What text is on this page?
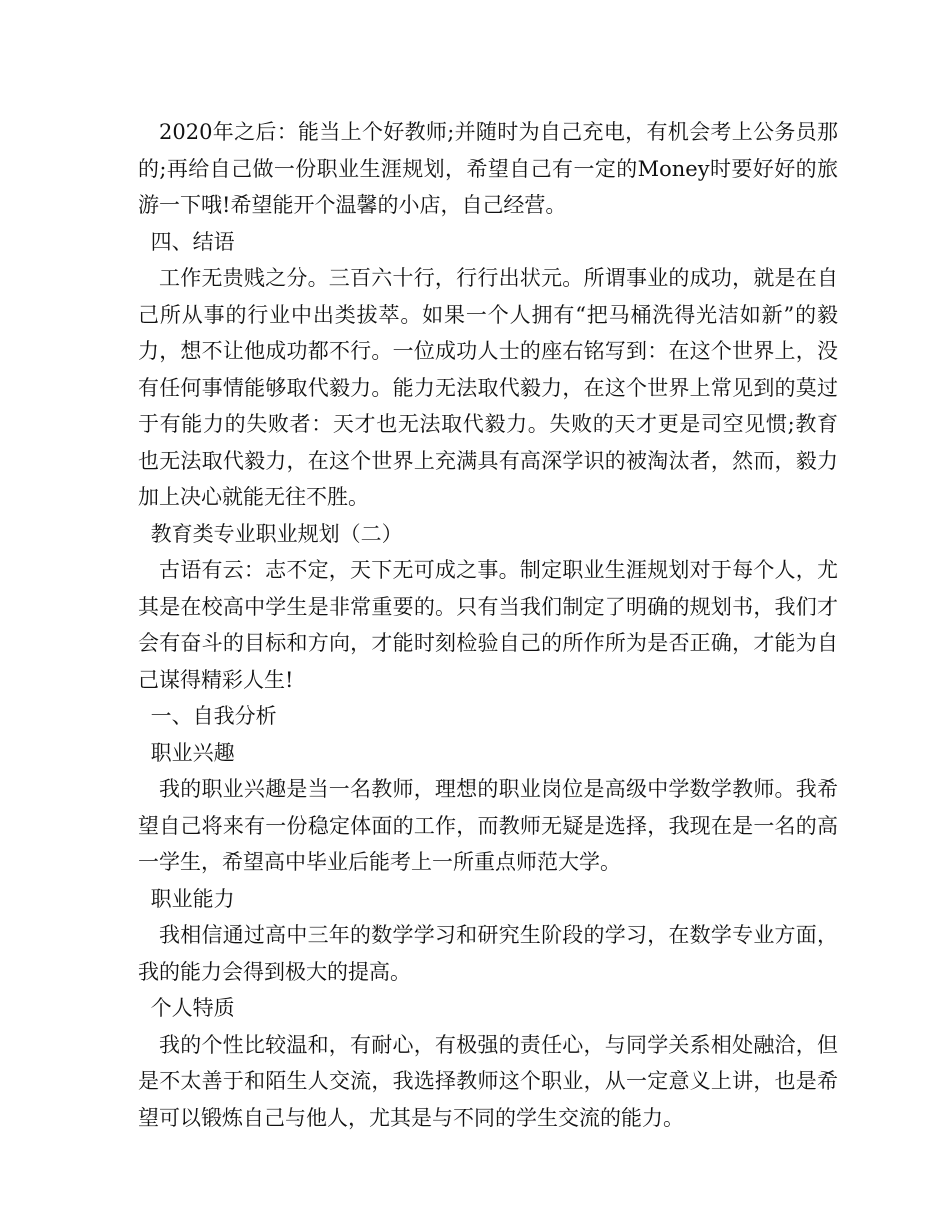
2020年之后：能当上个好教师;并随时为自己充电，有机会考上公务员那的;再给自己做一份职业生涯规划，希望自己有一定的Money时要好好的旅游一下哦!希望能开个温馨的小店，自己经营。

四、结语

工作无贵贱之分。三百六十行，行行出状元。所谓事业的成功，就是在自己所从事的行业中出类拔萃。如果一个人拥有“把马桶洗得光洁如新”的毅力，想不让他成功都不行。一位成功人士的座右铭写到：在这个世界上，没有任何事情能够取代毅力。能力无法取代毅力，在这个世界上常见到的莫过于有能力的失败者：天才也无法取代毅力。失败的天才更是司空见惯;教育也无法取代毅力，在这个世界上充满具有高深学识的被淘汰者，然而，毅力加上决心就能无往不胜。

教育类专业职业规划（二）

古语有云：志不定，天下无可成之事。制定职业生涯规划对于每个人，尤其是在校高中学生是非常重要的。只有当我们制定了明确的规划书，我们才会有奋斗的目标和方向，才能时刻检验自己的所作所为是否正确，才能为自己谋得精彩人生!

一、自我分析

职业兴趣

我的职业兴趣是当一名教师，理想的职业岗位是高级中学数学教师。我希望自己将来有一份稳定体面的工作，而教师无疑是选择，我现在是一名的高一学生，希望高中毕业后能考上一所重点师范大学。

职业能力

我相信通过高中三年的数学学习和研究生阶段的学习，在数学专业方面，我的能力会得到极大的提高。

个人特质

我的个性比较温和，有耐心，有极强的责任心，与同学关系相处融洽，但是不太善于和陌生人交流，我选择教师这个职业，从一定意义上讲，也是希望可以锻炼自己与他人，尤其是与不同的学生交流的能力。
